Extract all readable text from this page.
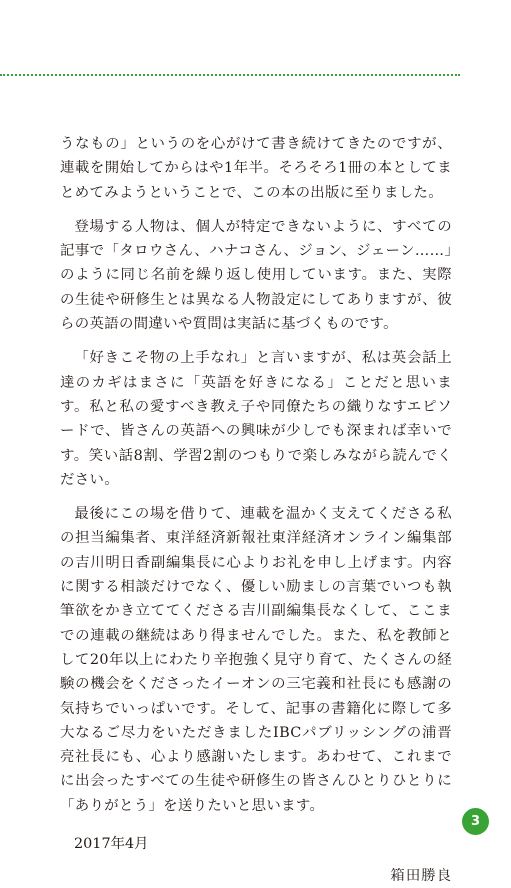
うなもの」というのを心がけて書き続けてきたのですが、連載を開始してからはや1年半。そろそろ1冊の本としてまとめてみようということで、この本の出版に至りました。

登場する人物は、個人が特定できないように、すべての記事で「タロウさん、ハナコさん、ジョン、ジェーン……」のように同じ名前を繰り返し使用しています。また、実際の生徒や研修生とは異なる人物設定にしてありますが、彼らの英語の間違いや質問は実話に基づくものです。

「好きこそ物の上手なれ」と言いますが、私は英会話上達のカギはまさに「英語を好きになる」ことだと思います。私と私の愛すべき教え子や同僚たちの織りなすエピソードで、皆さんの英語への興味が少しでも深まれば幸いです。笑い話8割、学習2割のつもりで楽しみながら読んでください。

最後にこの場を借りて、連載を温かく支えてくださる私の担当編集者、東洋経済新報社東洋経済オンライン編集部の吉川明日香副編集長に心よりお礼を申し上げます。内容に関する相談だけでなく、優しい励ましの言葉でいつも執筆欲をかき立ててくださる吉川副編集長なくして、ここまでの連載の継続はあり得ませんでした。また、私を教師として20年以上にわたり辛抱強く見守り育て、たくさんの経験の機会をくださったイーオンの三宅義和社長にも感謝の気持ちでいっぱいです。そして、記事の書籍化に際して多大なるご尽力をいただきましたIBCパブリッシングの浦晋亮社長にも、心より感謝いたします。あわせて、これまでに出会ったすべての生徒や研修生の皆さんひとりひとりに「ありがとう」を送りたいと思います。

2017年4月

箱田勝良

3
